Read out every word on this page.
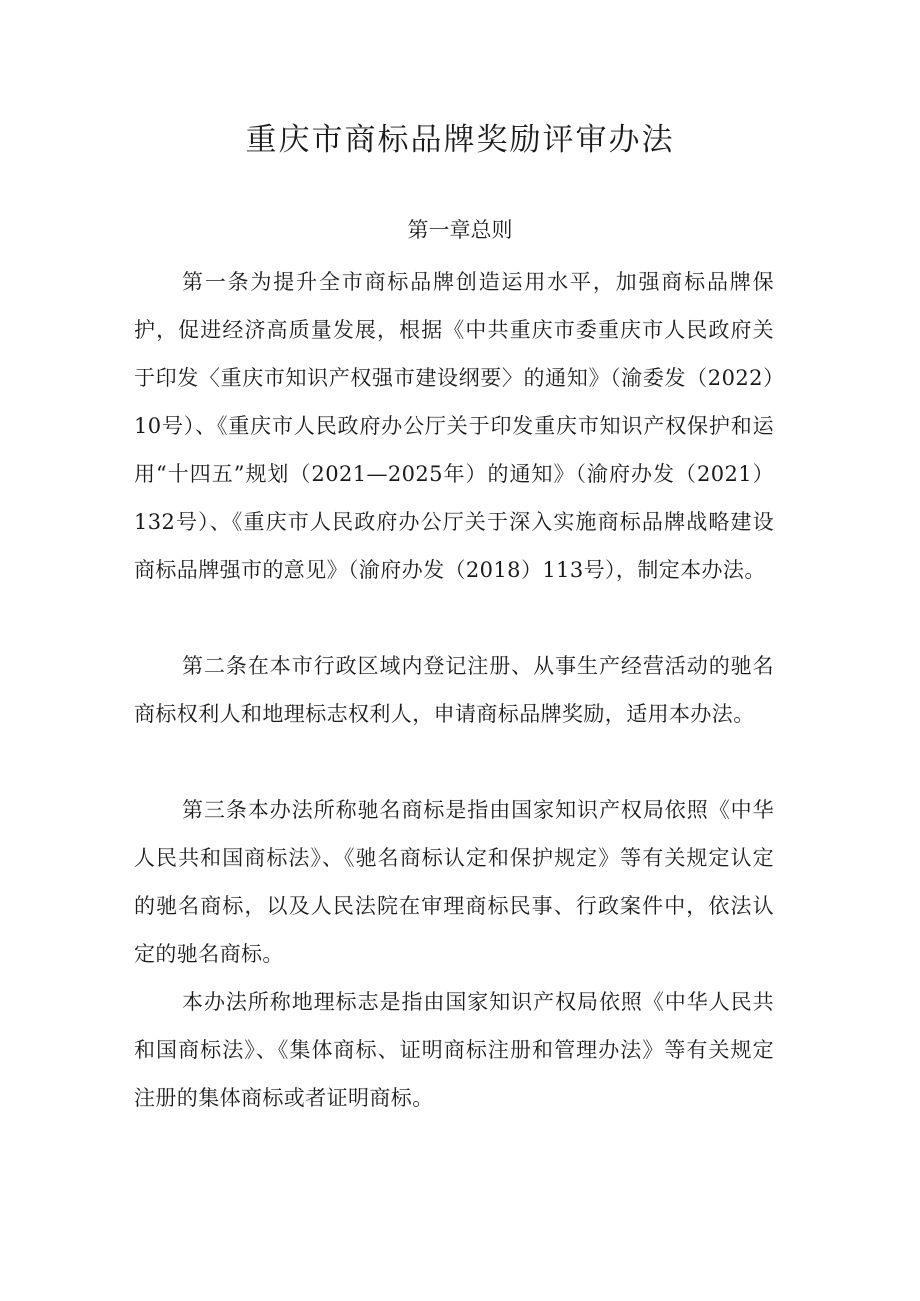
重庆市商标品牌奖励评审办法
第一章总则

第一条为提升全市商标品牌创造运用水平，加强商标品牌保护，促进经济高质量发展，根据《中共重庆市委重庆市人民政府关于印发〈重庆市知识产权强市建设纲要〉的通知》（渝委发（2022）10号）、《重庆市人民政府办公厅关于印发重庆市知识产权保护和运用“十四五”规划（2021—2025年）的通知》（渝府办发（2021）132号）、《重庆市人民政府办公厅关于深入实施商标品牌战略建设商标品牌强市的意见》（渝府办发（2018）113号），制定本办法。

第二条在本市行政区域内登记注册、从事生产经营活动的驰名商标权利人和地理标志权利人，申请商标品牌奖励，适用本办法。

第三条本办法所称驰名商标是指由国家知识产权局依照《中华人民共和国商标法》、《驰名商标认定和保护规定》等有关规定认定的驰名商标，以及人民法院在审理商标民事、行政案件中，依法认定的驰名商标。

本办法所称地理标志是指由国家知识产权局依照《中华人民共和国商标法》、《集体商标、证明商标注册和管理办法》等有关规定注册的集体商标或者证明商标。
